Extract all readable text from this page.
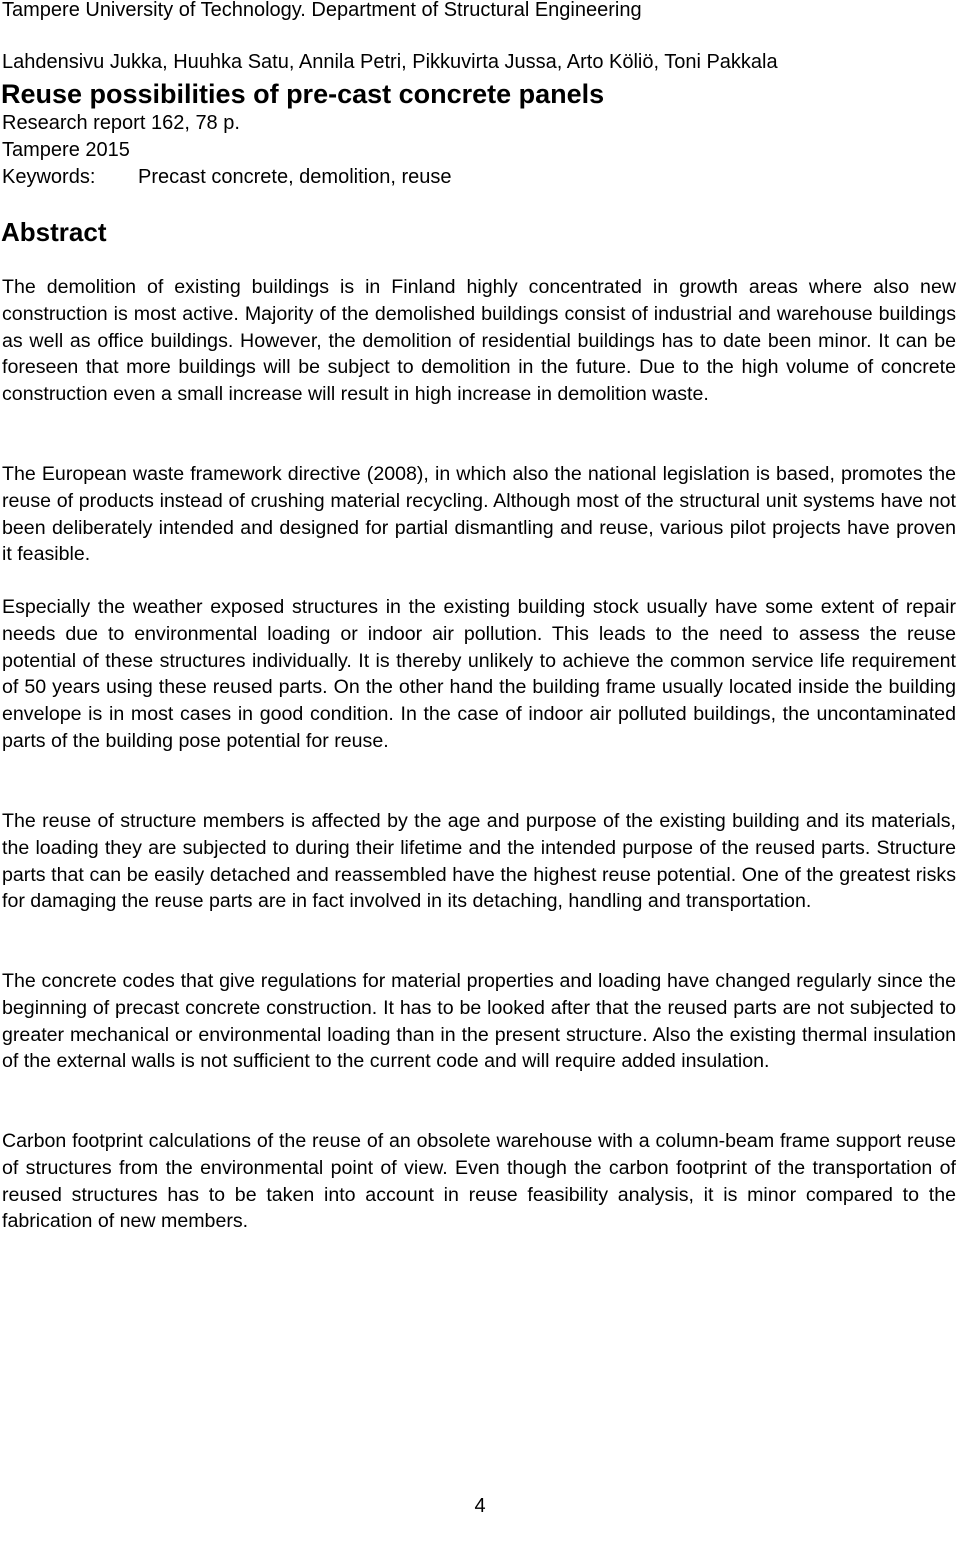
Tampere University of Technology. Department of Structural Engineering
Lahdensivu Jukka, Huuhka Satu, Annila Petri, Pikkuvirta Jussa, Arto Köliö, Toni Pakkala
Reuse possibilities of pre-cast concrete panels
Research report 162, 78 p.
Tampere 2015
Keywords: Precast concrete, demolition, reuse
Abstract

The demolition of existing buildings is in Finland highly concentrated in growth areas where also new construction is most active. Majority of the demolished buildings consist of industrial and warehouse buildings as well as office buildings. However, the demolition of residential buildings has to date been minor. It can be foreseen that more buildings will be subject to demolition in the future. Due to the high volume of concrete construction even a small increase will result in high increase in demolition waste.

The European waste framework directive (2008), in which also the national legislation is based, promotes the reuse of products instead of crushing material recycling. Although most of the structural unit systems have not been deliberately intended and designed for partial dismantling and reuse, various pilot projects have proven it feasible.

Especially the weather exposed structures in the existing building stock usually have some extent of repair needs due to environmental loading or indoor air pollution. This leads to the need to assess the reuse potential of these structures individually. It is thereby unlikely to achieve the common service life requirement of 50 years using these reused parts. On the other hand the building frame usually located inside the building envelope is in most cases in good condition. In the case of indoor air polluted buildings, the uncontaminated parts of the building pose potential for reuse.

The reuse of structure members is affected by the age and purpose of the existing building and its materials, the loading they are subjected to during their lifetime and the intended purpose of the reused parts. Structure parts that can be easily detached and reassembled have the highest reuse potential. One of the greatest risks for damaging the reuse parts are in fact involved in its detaching, handling and transportation.

The concrete codes that give regulations for material properties and loading have changed regularly since the beginning of precast concrete construction. It has to be looked after that the reused parts are not subjected to greater mechanical or environmental loading than in the present structure. Also the existing thermal insulation of the external walls is not sufficient to the current code and will require added insulation.

Carbon footprint calculations of the reuse of an obsolete warehouse with a column-beam frame support reuse of structures from the environmental point of view. Even though the carbon footprint of the transportation of reused structures has to be taken into account in reuse feasibility analysis, it is minor compared to the fabrication of new members.

4
